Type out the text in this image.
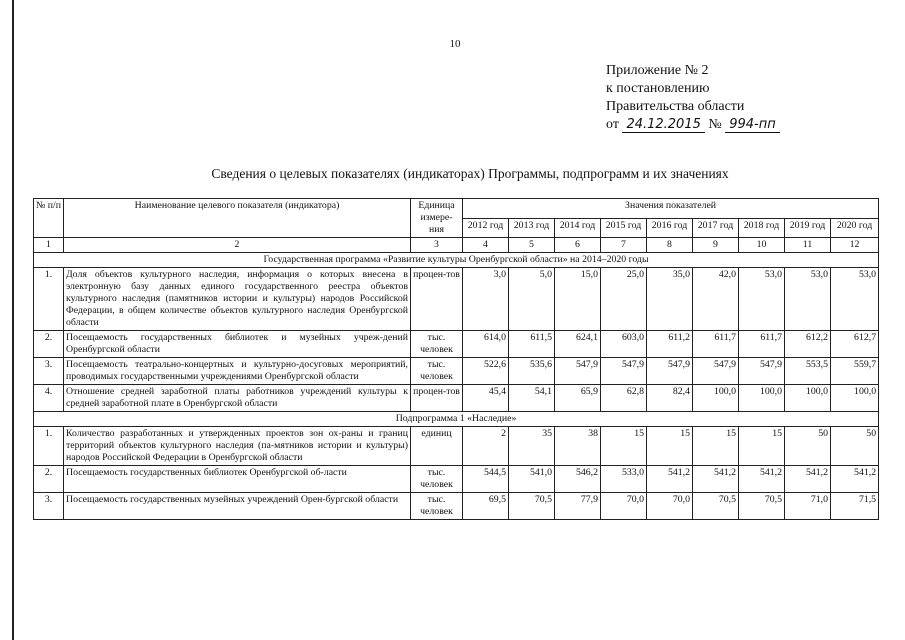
10
Приложение № 2
к постановлению
Правительства области
от 24.12.2015 № 994-пп
Сведения о целевых показателях (индикаторах) Программы, подпрограмм и их значениях
№ п/п	Наименование целевого показателя (индикатора)	Единица измере-ния	Значения показателей								
			2012 год	2013 год	2014 год	2015 год	2016 год	2017 год	2018 год	2019 год	2020 год
1	2	3	4	5	6	7	8	9	10	11	12
Государственная программа «Развитие культуры Оренбургской области» на 2014–2020 годы											
1.	Доля объектов культурного наследия, информация о которых внесена в электронную базу данных единого государственного реестра объектов культурного наследия (памятников истории и культуры) народов Российской Федерации, в общем количестве объектов культурного наследия Оренбургской области	процен-тов	3,0	5,0	15,0	25,0	35,0	42,0	53,0	53,0	53,0
2.	Посещаемость государственных библиотек и музейных учреж-дений Оренбургской области	тыс. человек	614,0	611,5	624,1	603,0	611,2	611,7	611,7	612,2	612,7
3.	Посещаемость театрально-концертных и культурно-досуговых мероприятий, проводимых государственными учреждениями Оренбургской области	тыс. человек	522,6	535,6	547,9	547,9	547,9	547,9	547,9	553,5	559,7
4.	Отношение средней заработной платы работников учреждений культуры к средней заработной плате в Оренбургской области	процен-тов	45,4	54,1	65,9	62,8	82,4	100,0	100,0	100,0	100,0
Подпрограмма 1 «Наследие»											
1.	Количество разработанных и утвержденных проектов зон ох-раны и границ территорий объектов культурного наследия (па-мятников истории и культуры) народов Российской Федерации в Оренбургской области	единиц	2	35	38	15	15	15	15	50	50
2.	Посещаемость государственных библиотек Оренбургской об-ласти	тыс. человек	544,5	541,0	546,2	533,0	541,2	541,2	541,2	541,2	541,2
3.	Посещаемость государственных музейных учреждений Орен-бургской области	тыс. человек	69,5	70,5	77,9	70,0	70,0	70,5	70,5	71,0	71,5
